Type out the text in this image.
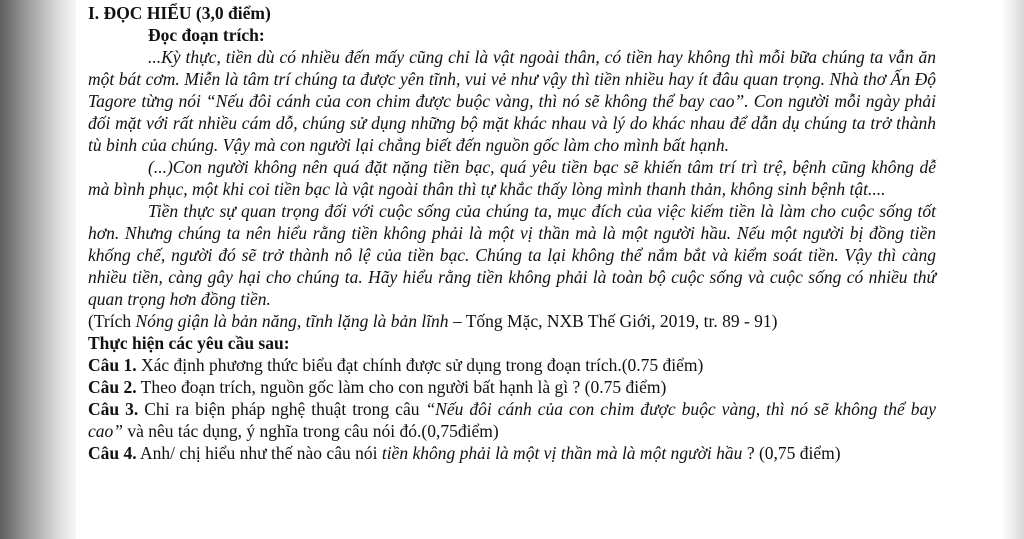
I. ĐỌC HIỂU (3,0 điểm)

Đọc đoạn trích:

...Kỳ thực, tiền dù có nhiều đến mấy cũng chỉ là vật ngoài thân, có tiền hay không thì mỗi bữa chúng ta vẫn ăn một bát cơm. Miễn là tâm trí chúng ta được yên tĩnh, vui vẻ như vậy thì tiền nhiều hay ít đâu quan trọng. Nhà thơ Ấn Độ Tagore từng nói “Nếu đôi cánh của con chim được buộc vàng, thì nó sẽ không thể bay cao”. Con người mỗi ngày phải đối mặt với rất nhiều cám dỗ, chúng sử dụng những bộ mặt khác nhau và lý do khác nhau để dẫn dụ chúng ta trở thành tù binh của chúng. Vậy mà con người lại chẳng biết đến nguồn gốc làm cho mình bất hạnh.

(...)Con người không nên quá đặt nặng tiền bạc, quá yêu tiền bạc sẽ khiến tâm trí trì trệ, bệnh cũng không dễ mà bình phục, một khi coi tiền bạc là vật ngoài thân thì tự khắc thấy lòng mình thanh thản, không sinh bệnh tật....

Tiền thực sự quan trọng đối với cuộc sống của chúng ta, mục đích của việc kiếm tiền là làm cho cuộc sống tốt hơn. Nhưng chúng ta nên hiểu rằng tiền không phải là một vị thần mà là một người hầu. Nếu một người bị đồng tiền khống chế, người đó sẽ trở thành nô lệ của tiền bạc. Chúng ta lại không thể nắm bắt và kiểm soát tiền. Vậy thì càng nhiều tiền, càng gây hại cho chúng ta. Hãy hiểu rằng tiền không phải là toàn bộ cuộc sống và cuộc sống có nhiều thứ quan trọng hơn đồng tiền.

(Trích Nóng giận là bản năng, tĩnh lặng là bản lĩnh – Tống Mặc, NXB Thế Giới, 2019, tr. 89 - 91)

Thực hiện các yêu cầu sau:

Câu 1. Xác định phương thức biểu đạt chính được sử dụng trong đoạn trích.(0.75 điểm)

Câu 2. Theo đoạn trích, nguồn gốc làm cho con người bất hạnh là gì ? (0.75 điểm)

Câu 3. Chỉ ra biện pháp nghệ thuật trong câu “Nếu đôi cánh của con chim được buộc vàng, thì nó sẽ không thể bay cao” và nêu tác dụng, ý nghĩa trong câu nói đó.(0,75điểm)

Câu 4. Anh/ chị hiểu như thế nào câu nói tiền không phải là một vị thần mà là một người hầu ? (0,75 điểm)
